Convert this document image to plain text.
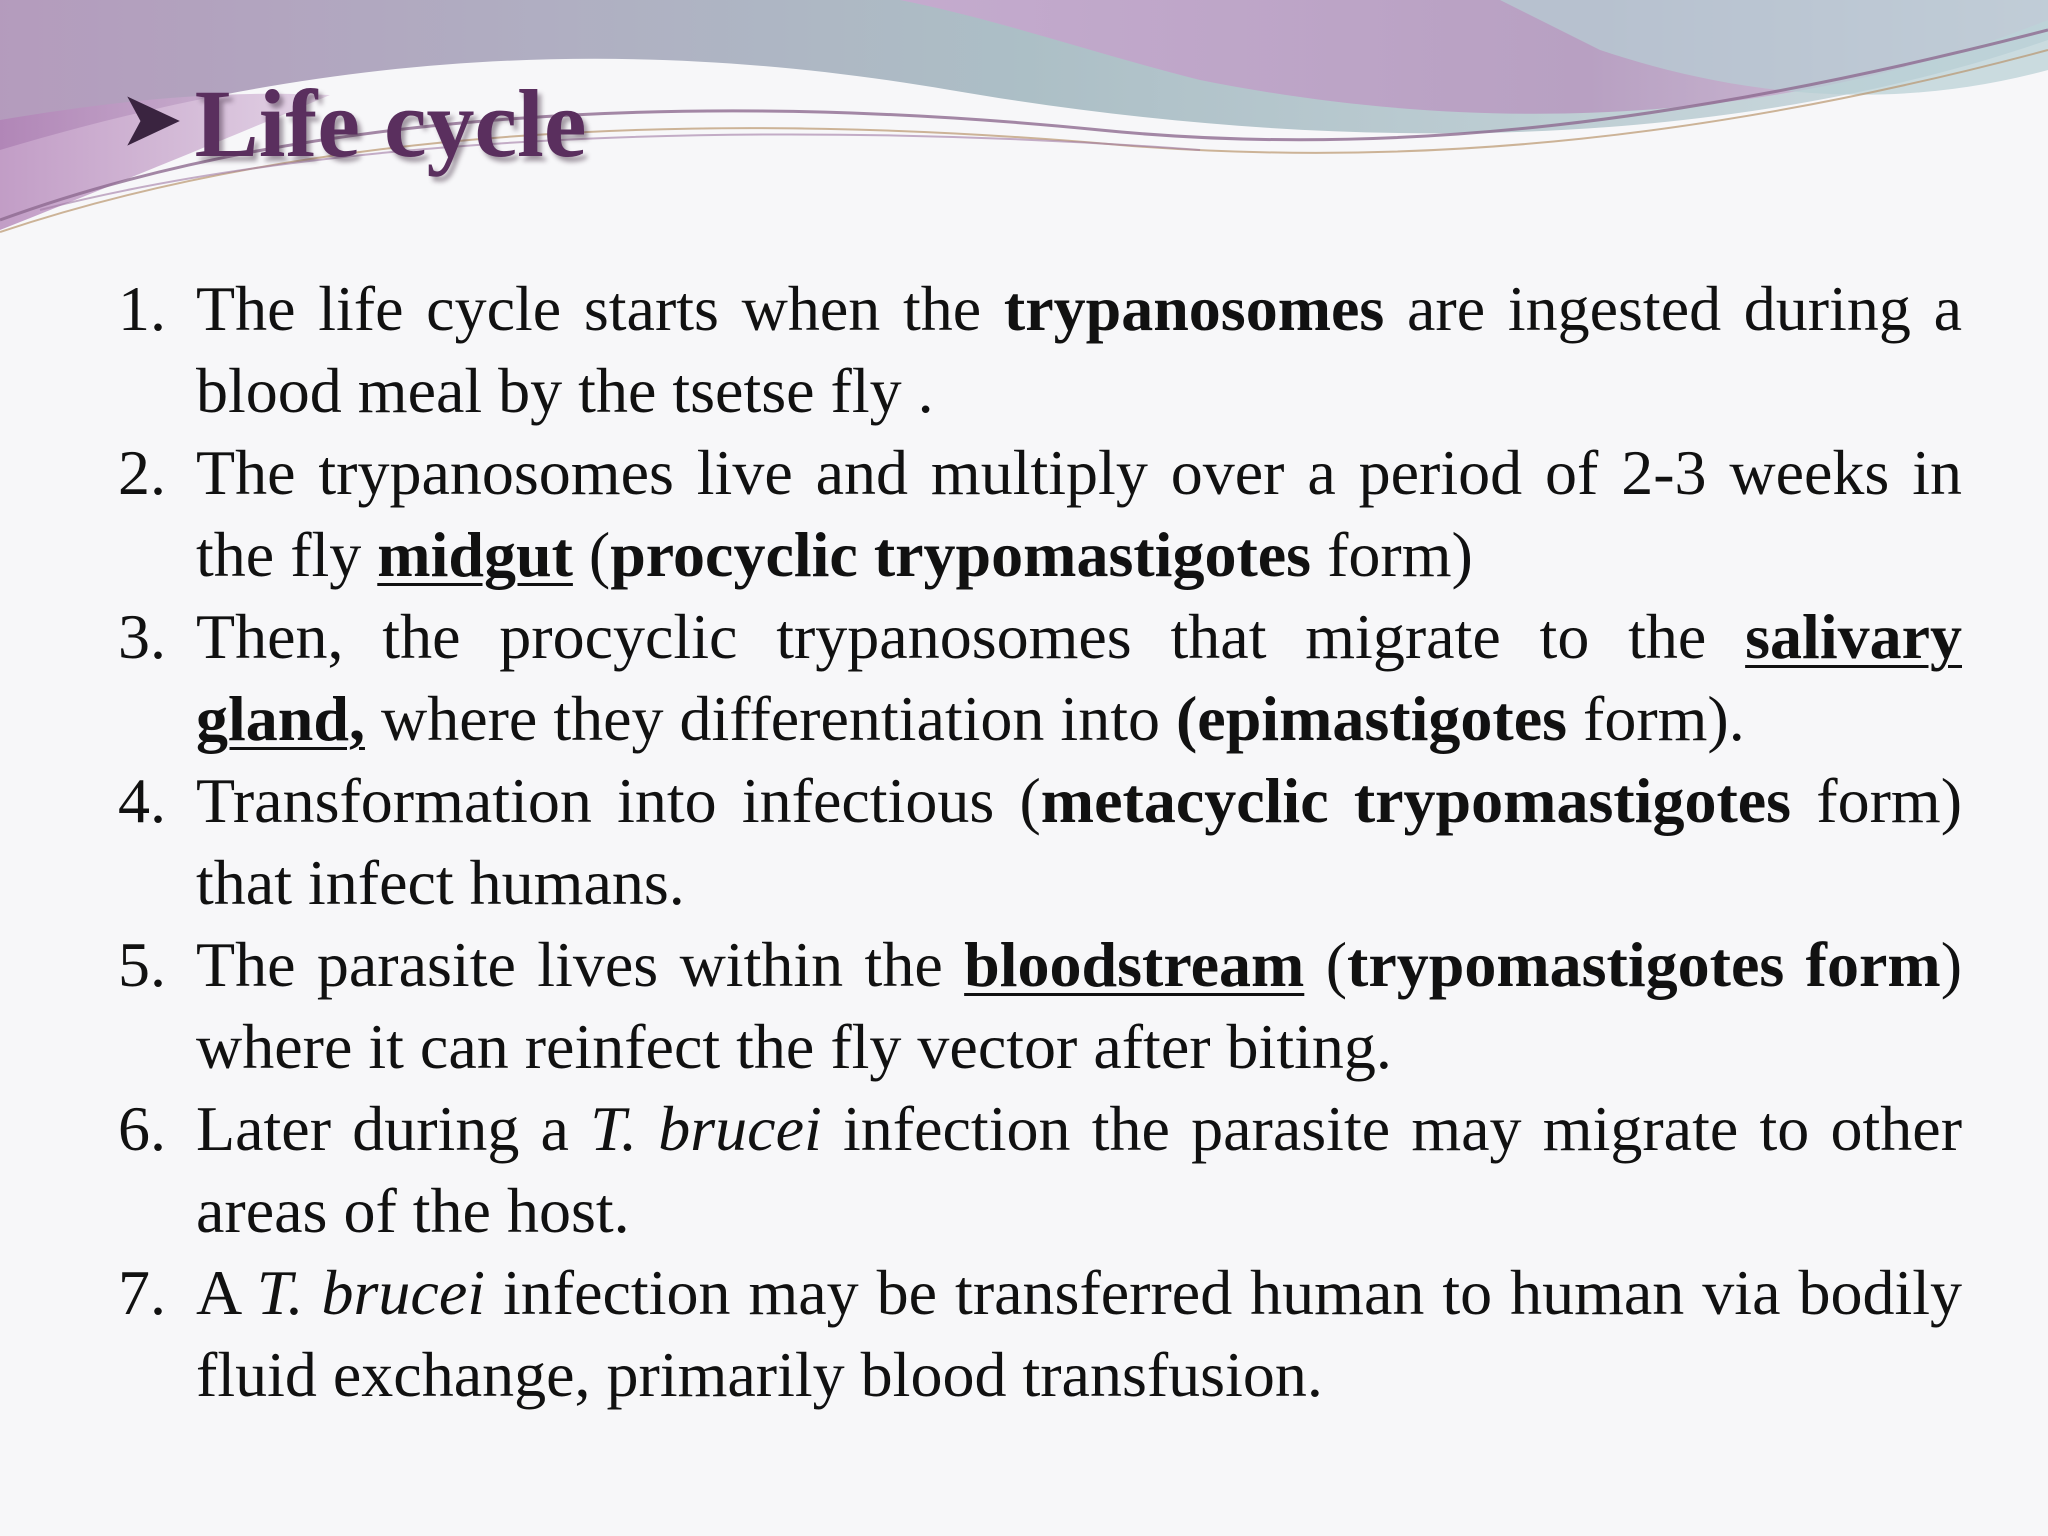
➤ Life cycle
1. The life cycle starts when the trypanosomes are ingested during a blood meal by the tsetse fly .
2. The trypanosomes live and multiply over a period of 2-3 weeks in the fly midgut (procyclic trypomastigotes form)
3. Then, the procyclic trypanosomes that migrate to the salivary gland, where they differentiation into (epimastigotes form).
4. Transformation into infectious (metacyclic trypomastigotes form) that infect humans.
5. The parasite lives within the bloodstream (trypomastigotes form) where it can reinfect the fly vector after biting.
6. Later during a T. brucei infection the parasite may migrate to other areas of the host.
7. A T. brucei infection may be transferred human to human via bodily fluid exchange, primarily blood transfusion.
